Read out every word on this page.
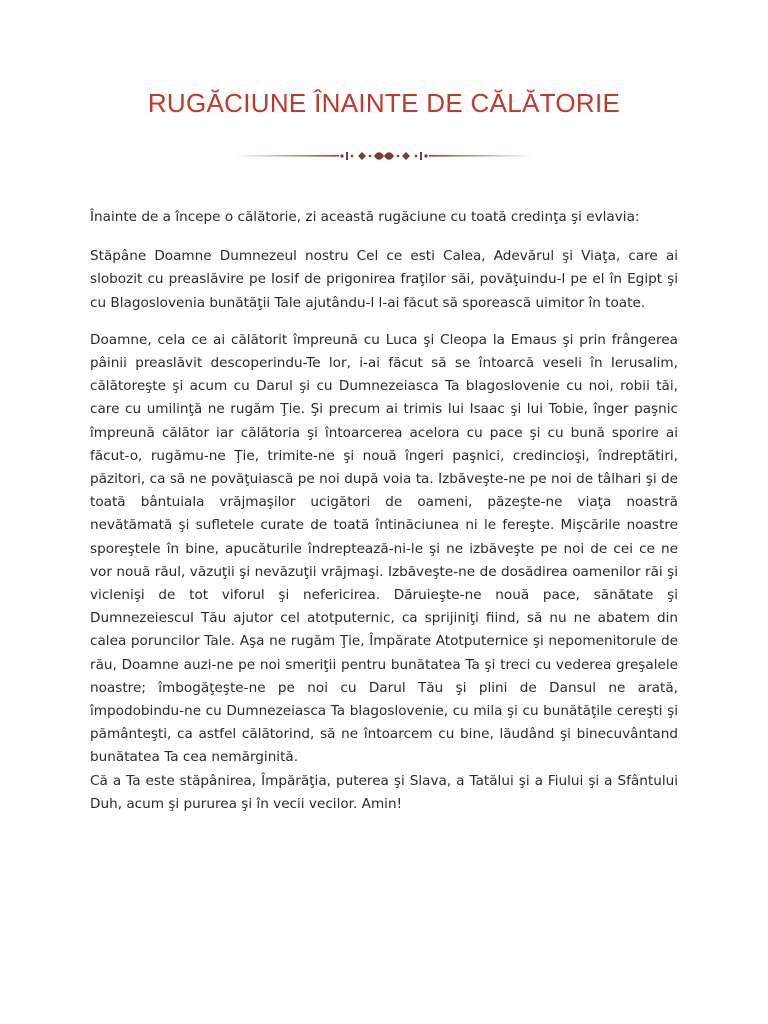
RUGĂCIUNE ÎNAINTE DE CĂLĂTORIE

Înainte de a începe o călătorie, zi această rugăciune cu toată credinţa şi evlavia:

Stăpâne Doamne Dumnezeul nostru Cel ce esti Calea, Adevărul şi Viaţa, care ai slobozit cu preaslăvire pe Iosif de prigonirea fraţilor săi, povăţuindu-l pe el în Egipt şi cu Blagoslovenia bunătăţii Tale ajutându-l l-ai făcut să sporească uimitor în toate.

Doamne, cela ce ai călătorit împreună cu Luca şi Cleopa la Emaus şi prin frângerea pâinii preaslăvit descoperindu-Te lor, i-ai făcut să se întoarcă veseli în Ierusalim, călătoreşte şi acum cu Darul şi cu Dumnezeiasca Ta blagoslovenie cu noi, robii tăi, care cu umilinţă ne rugăm Ţie. Şi precum ai trimis lui Isaac şi lui Tobie, înger paşnic împreună călător iar călătoria şi întoarcerea acelora cu pace şi cu bună sporire ai făcut-o, rugămu-ne Ţie, trimite-ne şi nouă îngeri paşnici, credincioşi, îndreptătiri, păzitori, ca să ne povăţuiască pe noi după voia ta. Izbăveşte-ne pe noi de tâlhari şi de toată bântuiala vrăjmaşilor ucigători de oameni, păzeşte-ne viaţa noastră nevătămată şi sufletele curate de toată întinăciunea ni le fereşte. Mişcările noastre sporeştele în bine, apucăturile îndreptează-ni-le şi ne izbăveşte pe noi de cei ce ne vor nouă răul, văzuţii şi nevăzuţii vrăjmaşi. Izbăveşte-ne de dosădirea oamenilor răi şi viclenişi de tot viforul şi nefericirea. Dăruieşte-ne nouă pace, sănătate şi Dumnezeiescul Tău ajutor cel atotputernic, ca sprijiniţi fiind, să nu ne abatem din calea poruncilor Tale. Aşa ne rugăm Ţie, Împărate Atotputernice şi nepomenitorule de rău, Doamne auzi-ne pe noi smeriţii pentru bunătatea Ta şi treci cu vederea greşalele noastre; îmbogăţeşte-ne pe noi cu Darul Tău şi plini de Dansul ne arată, împodobindu-ne cu Dumnezeiasca Ta blagoslovenie, cu mila şi cu bunătăţile cereşti şi pământeşti, ca astfel călătorind, să ne întoarcem cu bine, lăudând şi binecuvântand bunătatea Ta cea nemărginită.

Că a Ta este stăpânirea, Împărăţia, puterea şi Slava, a Tatălui şi a Fiului şi a Sfântului Duh, acum şi pururea şi în vecii vecilor. Amin!
